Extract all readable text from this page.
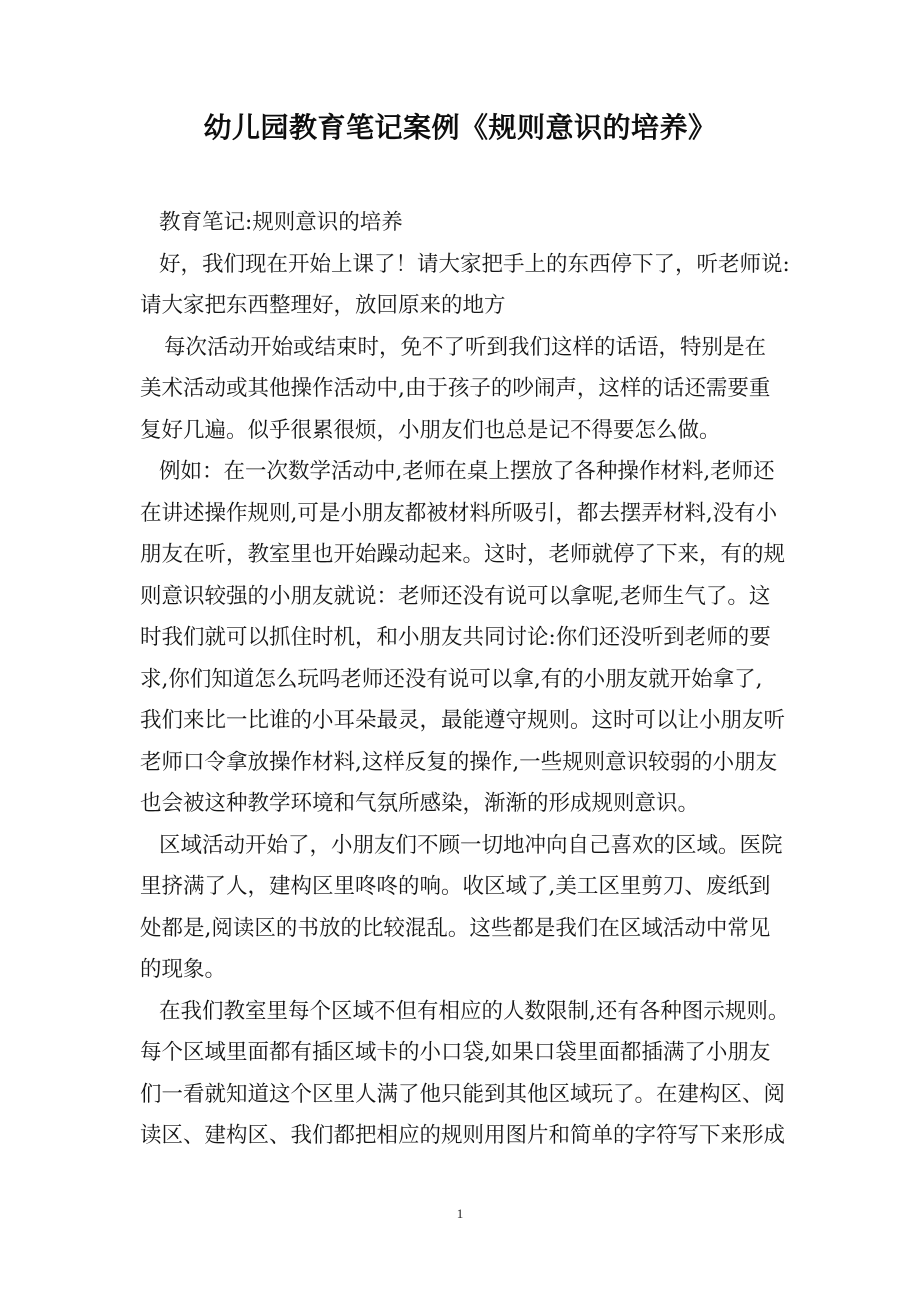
幼儿园教育笔记案例《规则意识的培养》
教育笔记:规则意识的培养
好，我们现在开始上课了！请大家把手上的东西停下了，听老师说:
请大家把东西整理好，放回原来的地方
每次活动开始或结束时，免不了听到我们这样的话语，特别是在
美术活动或其他操作活动中,由于孩子的吵闹声，这样的话还需要重
复好几遍。似乎很累很烦，小朋友们也总是记不得要怎么做。
例如：在一次数学活动中,老师在桌上摆放了各种操作材料,老师还
在讲述操作规则,可是小朋友都被材料所吸引，都去摆弄材料,没有小
朋友在听，教室里也开始躁动起来。这时，老师就停了下来，有的规
则意识较强的小朋友就说：老师还没有说可以拿呢,老师生气了。这
时我们就可以抓住时机，和小朋友共同讨论:你们还没听到老师的要
求,你们知道怎么玩吗老师还没有说可以拿,有的小朋友就开始拿了,
我们来比一比谁的小耳朵最灵，最能遵守规则。这时可以让小朋友听
老师口令拿放操作材料,这样反复的操作,一些规则意识较弱的小朋友
也会被这种教学环境和气氛所感染，渐渐的形成规则意识。
区域活动开始了，小朋友们不顾一切地冲向自己喜欢的区域。医院
里挤满了人，建构区里咚咚的响。收区域了,美工区里剪刀、废纸到
处都是,阅读区的书放的比较混乱。这些都是我们在区域活动中常见
的现象。
在我们教室里每个区域不但有相应的人数限制,还有各种图示规则。
每个区域里面都有插区域卡的小口袋,如果口袋里面都插满了小朋友
们一看就知道这个区里人满了他只能到其他区域玩了。在建构区、阅
读区、建构区、我们都把相应的规则用图片和简单的字符写下来形成
1
